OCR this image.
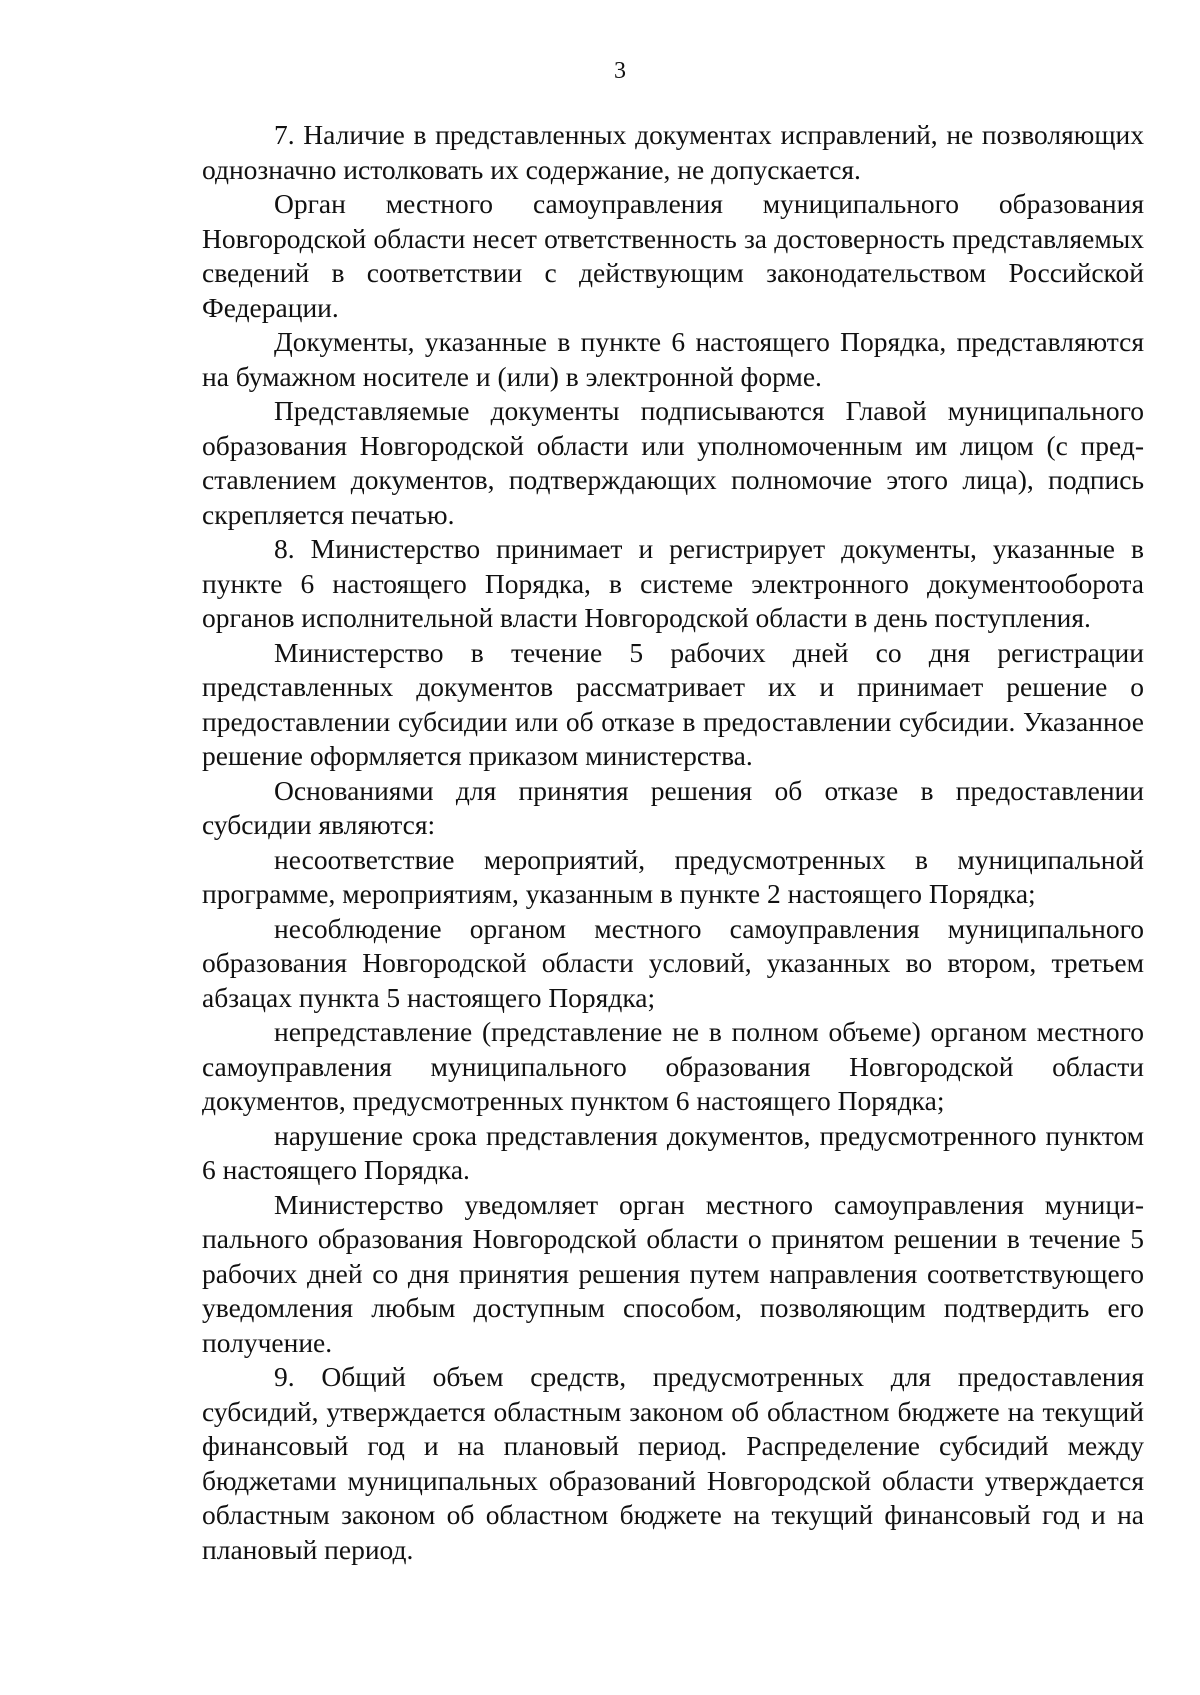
3

7. Наличие в представленных документах исправлений, не позволяющих однозначно истолковать их содержание, не допускается.

Орган местного самоуправления муниципального образования Новгородской области несет ответственность за достоверность представляемых сведений в соответствии с действующим законодательством Российской Федерации.

Документы, указанные в пункте 6 настоящего Порядка, представляются на бумажном носителе и (или) в электронной форме.

Представляемые документы подписываются Главой муниципального образования Новгородской области или уполномоченным им лицом (с представлением документов, подтверждающих полномочие этого лица), подпись скрепляется печатью.

8. Министерство принимает и регистрирует документы, указанные в пункте 6 настоящего Порядка, в системе электронного документооборота органов исполнительной власти Новгородской области в день поступления.

Министерство в течение 5 рабочих дней со дня регистрации представленных документов рассматривает их и принимает решение о предоставлении субсидии или об отказе в предоставлении субсидии. Указанное решение оформляется приказом министерства.

Основаниями для принятия решения об отказе в предоставлении субсидии являются:

несоответствие мероприятий, предусмотренных в муниципальной программе, мероприятиям, указанным в пункте 2 настоящего Порядка;

несоблюдение органом местного самоуправления муниципального образования Новгородской области условий, указанных во втором, третьем абзацах пункта 5 настоящего Порядка;

непредставление (представление не в полном объеме) органом местного самоуправления муниципального образования Новгородской области документов, предусмотренных пунктом 6 настоящего Порядка;

нарушение срока представления документов, предусмотренного пунктом 6 настоящего Порядка.

Министерство уведомляет орган местного самоуправления муниципального образования Новгородской области о принятом решении в течение 5 рабочих дней со дня принятия решения путем направления соответствующего уведомления любым доступным способом, позволяющим подтвердить его получение.

9. Общий объем средств, предусмотренных для предоставления субсидий, утверждается областным законом об областном бюджете на текущий финансовый год и на плановый период. Распределение субсидий между бюджетами муниципальных образований Новгородской области утверждается областным законом об областном бюджете на текущий финансовый год и на плановый период.
